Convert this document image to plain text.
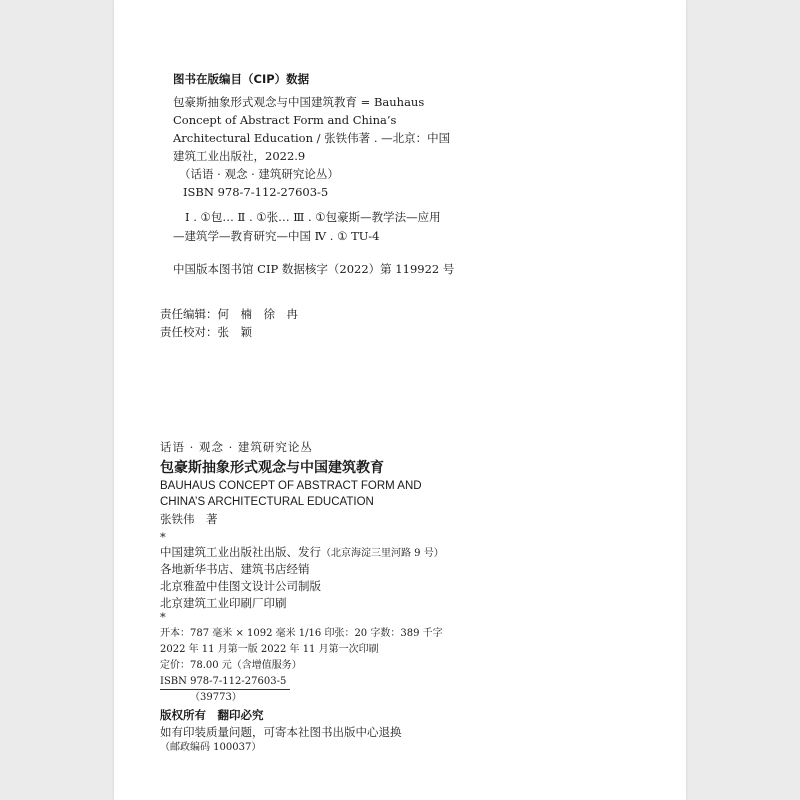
图书在版编目（CIP）数据
包豪斯抽象形式观念与中国建筑教育 = Bauhaus
Concept of Abstract Form and China’s
Architectural Education / 张铁伟著 . —北京：中国
建筑工业出版社，2022.9
（话语 · 观念 · 建筑研究论丛）
ISBN 978-7-112-27603-5
Ⅰ . ①包… Ⅱ . ①张… Ⅲ . ①包豪斯—教学法—应用
—建筑学—教育研究—中国 Ⅳ . ① TU-4
中国版本图书馆 CIP 数据核字（2022）第 119922 号
责任编辑：何　楠　徐　冉
责任校对：张　颖
话语 · 观念 · 建筑研究论丛
包豪斯抽象形式观念与中国建筑教育
BAUHAUS CONCEPT OF ABSTRACT FORM AND
CHINA’S ARCHITECTURAL EDUCATION
张铁伟　著
*
中国建筑工业出版社出版、发行（北京海淀三里河路 9 号）
各地新华书店、建筑书店经销
北京雅盈中佳图文设计公司制版
北京建筑工业印刷厂印刷
*
开本：787 毫米 × 1092 毫米 1/16 印张：20 字数：389 千字
2022 年 11 月第一版 2022 年 11 月第一次印刷
定价：78.00 元（含增值服务）
ISBN 978-7-112-27603-5
（39773）
版权所有　翻印必究
如有印装质量问题，可寄本社图书出版中心退换
（邮政编码 100037）
